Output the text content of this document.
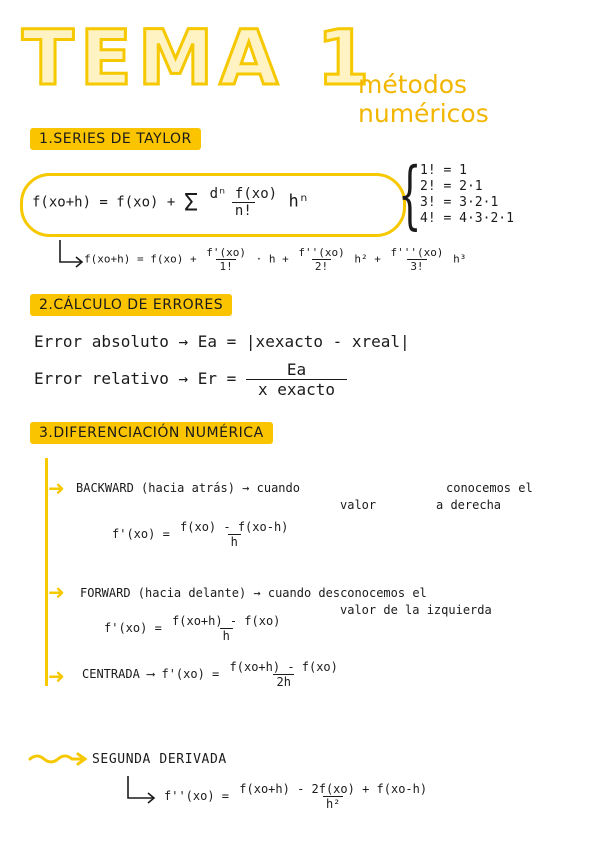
TEMA 1
métodos numéricos
1.SERIES DE TAYLOR
f(xo+h) = f(xo) + Σ $\frac{\text{dⁿ f(xo)}}{n!}$ hⁿ {
1! = 1
2! = 2·1
3! = 3·2·1
4! = 4·3·2·1
$f(xo+h) = f(xo) + \frac{f'(xo)}{1!} \cdot h + \frac{f''(xo)}{2!} h^2 + \frac{f'''(xo)}{3!} h^3$
2.CÁLCULO DE ERRORES
Error absoluto → Ea = |xexacto - xreal|
Error relativo → $Er = \frac{Ea}{\text{x exacto}}$
3.DIFERENCIACIÓN NUMÉRICA
➜ BACKWARD (hacia atrás) → cuando	conocemos el
valor	a derecha
$f'(xo) = \frac{f(xo) - f(xo-h)}{h}$
➜ FORWARD (hacia delante) → cuando desconocemos el
valor de la izquierda
$f'(xo) = \frac{f(xo+h) - f(xo)}{h}$
➜ CENTRADA ⟶ $f'(xo) = \frac{f(xo+h) - f(xo)}{2h}$
SEGUNDA DERIVADA
$f''(xo) = \frac{f(xo+h) - 2f(xo) + f(xo-h)}{\text{h²}}$
